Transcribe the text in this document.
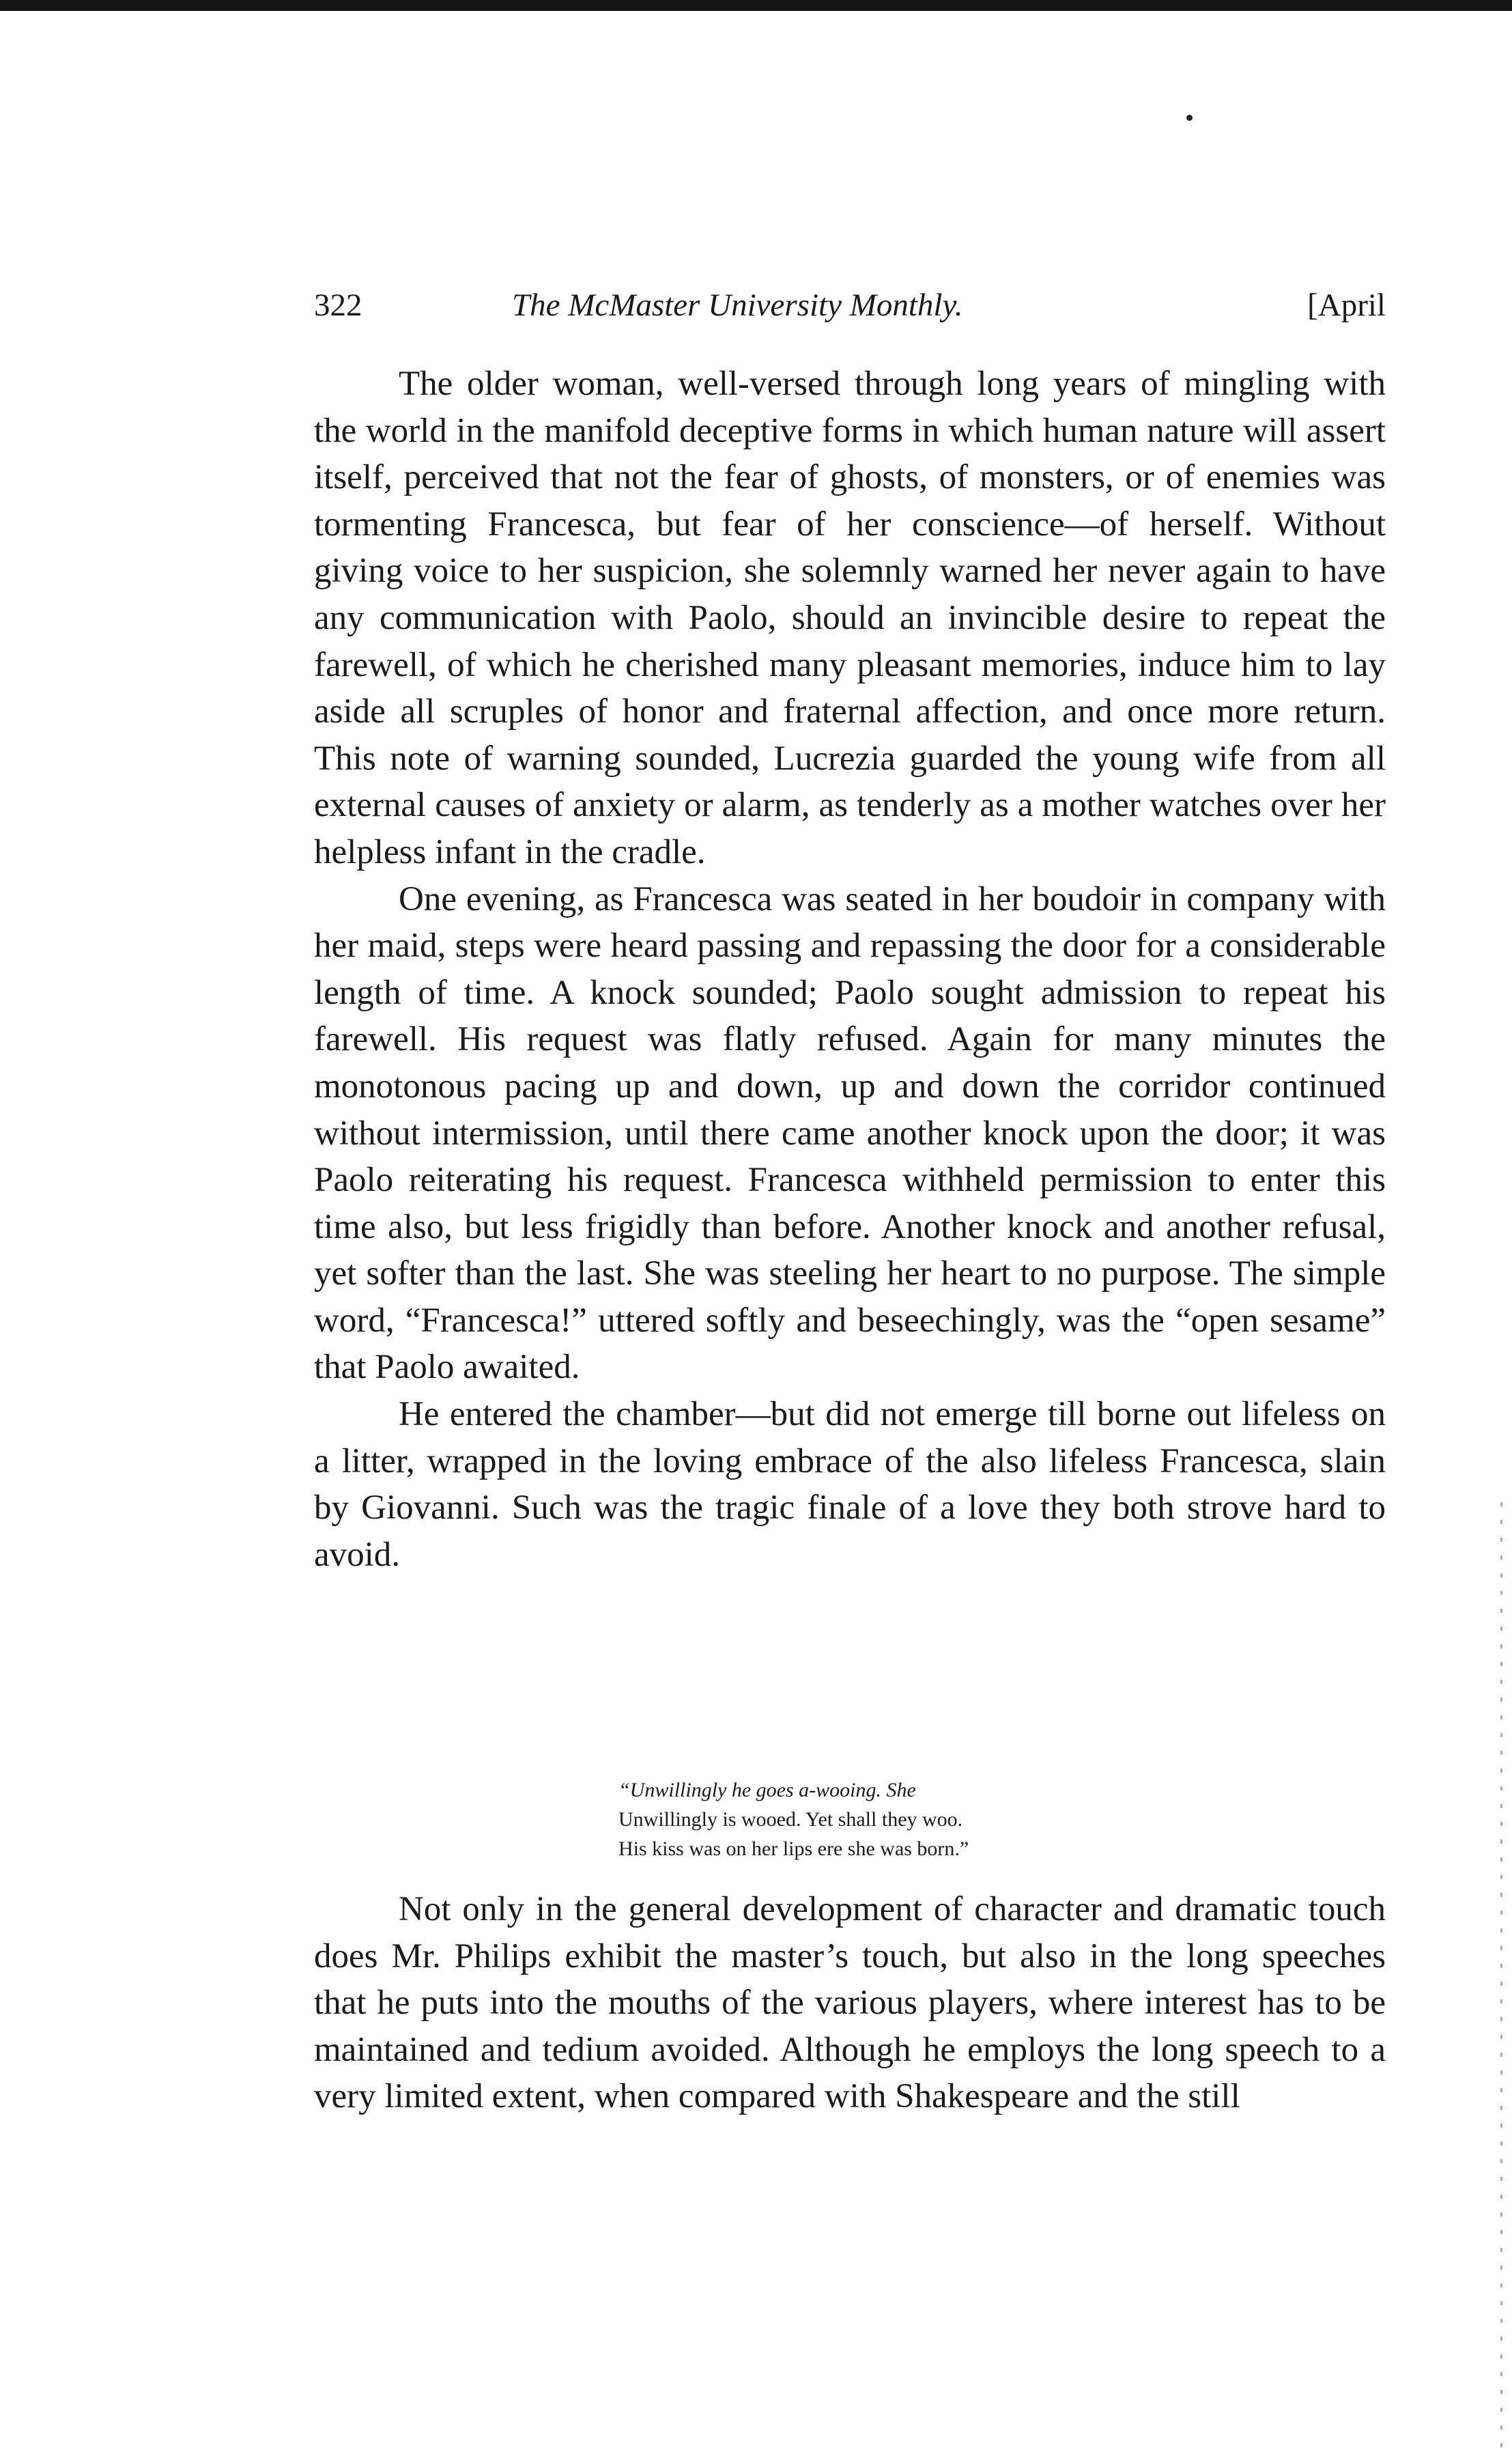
322	The McMaster University Monthly.	[April

The older woman, well-versed through long years of mingling with the world in the manifold deceptive forms in which human nature will assert itself, perceived that not the fear of ghosts, of monsters, or of enemies was tormenting Francesca, but fear of her conscience—of herself. Without giving voice to her suspicion, she solemnly warned her never again to have any communication with Paolo, should an invincible desire to repeat the farewell, of which he cherished many pleasant memories, induce him to lay aside all scruples of honor and fraternal affection, and once more return. This note of warning sounded, Lucrezia guarded the young wife from all external causes of anxiety or alarm, as tenderly as a mother watches over her helpless infant in the cradle.

One evening, as Francesca was seated in her boudoir in company with her maid, steps were heard passing and repassing the door for a considerable length of time. A knock sounded; Paolo sought admission to repeat his farewell. His request was flatly refused. Again for many minutes the monotonous pacing up and down, up and down the corridor continued without intermission, until there came another knock upon the door; it was Paolo reiterating his request. Francesca withheld permission to enter this time also, but less frigidly than before. Another knock and another refusal, yet softer than the last. She was steeling her heart to no purpose. The simple word, “Francesca!” uttered softly and beseechingly, was the “open sesame” that Paolo awaited.

He entered the chamber—but did not emerge till borne out lifeless on a litter, wrapped in the loving embrace of the also lifeless Francesca, slain by Giovanni. Such was the tragic finale of a love they both strove hard to avoid.

“Unwillingly he goes a-wooing. She
Unwillingly is wooed. Yet shall they woo.
His kiss was on her lips ere she was born.”

Not only in the general development of character and dramatic touch does Mr. Philips exhibit the master’s touch, but also in the long speeches that he puts into the mouths of the various players, where interest has to be maintained and tedium avoided. Although he employs the long speech to a very limited extent, when compared with Shakespeare and the still
